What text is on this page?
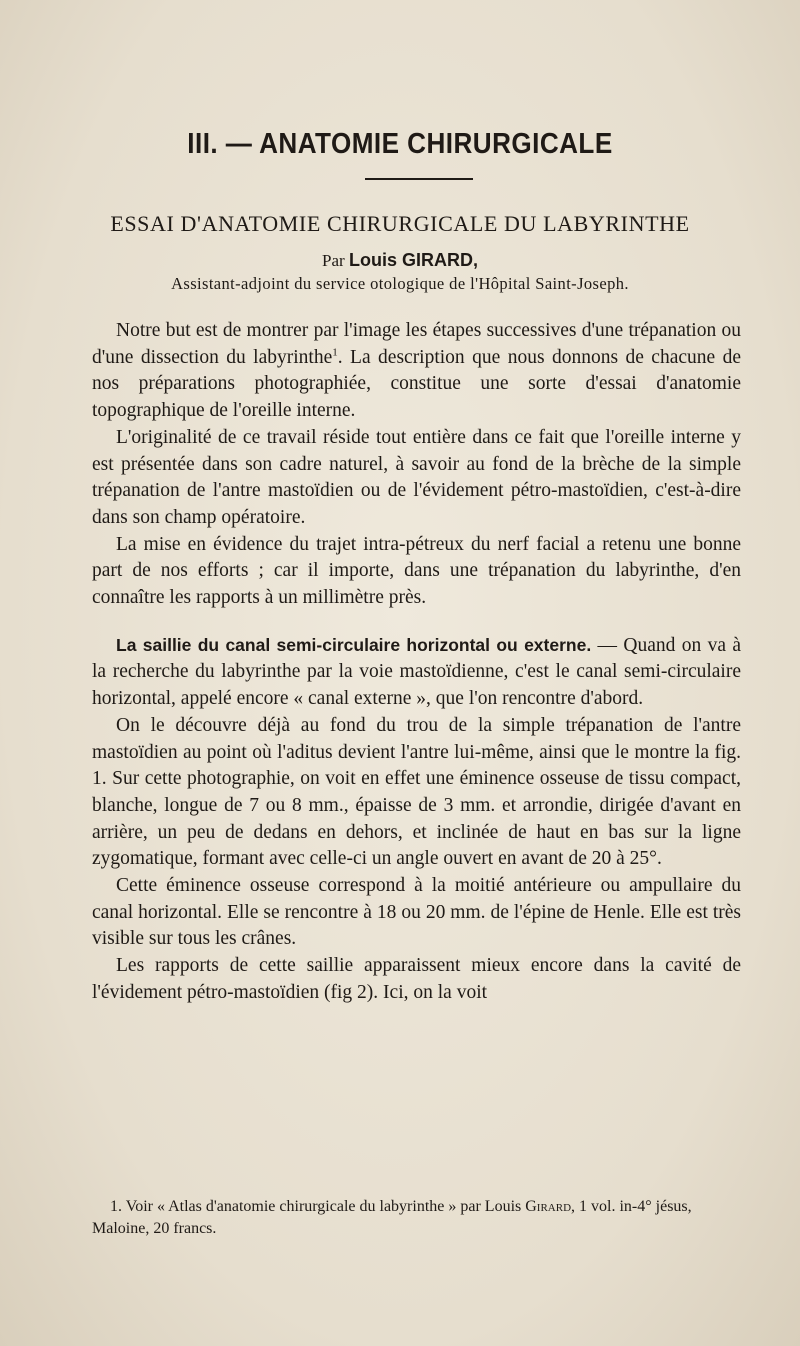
III. — ANATOMIE CHIRURGICALE
ESSAI D'ANATOMIE CHIRURGICALE DU LABYRINTHE
Par Louis GIRARD,
Assistant-adjoint du service otologique de l'Hôpital Saint-Joseph.

Notre but est de montrer par l'image les étapes successives d'une trépanation ou d'une dissection du labyrinthe$^1$. La description que nous donnons de chacune de nos préparations photographiée, constitue une sorte d'essai d'anatomie topographique de l'oreille interne.

L'originalité de ce travail réside tout entière dans ce fait que l'oreille interne y est présentée dans son cadre naturel, à savoir au fond de la brèche de la simple trépanation de l'antre mastoïdien ou de l'évidement pétro-mastoïdien, c'est-à-dire dans son champ opératoire.

La mise en évidence du trajet intra-pétreux du nerf facial a retenu une bonne part de nos efforts ; car il importe, dans une trépanation du labyrinthe, d'en connaître les rapports à un millimètre près.

La saillie du canal semi-circulaire horizontal ou externe. — Quand on va à la recherche du labyrinthe par la voie mastoïdienne, c'est le canal semi-circulaire horizontal, appelé encore « canal externe », que l'on rencontre d'abord.

On le découvre déjà au fond du trou de la simple trépanation de l'antre mastoïdien au point où l'aditus devient l'antre lui-même, ainsi que le montre la fig. 1. Sur cette photographie, on voit en effet une éminence osseuse de tissu compact, blanche, longue de 7 ou 8 mm., épaisse de 3 mm. et arrondie, dirigée d'avant en arrière, un peu de dedans en dehors, et inclinée de haut en bas sur la ligne zygomatique, formant avec celle-ci un angle ouvert en avant de 20 à 25°.

Cette éminence osseuse correspond à la moitié antérieure ou ampullaire du canal horizontal. Elle se rencontre à 18 ou 20 mm. de l'épine de Henle. Elle est très visible sur tous les crânes.

Les rapports de cette saillie apparaissent mieux encore dans la cavité de l'évidement pétro-mastoïdien (fig 2). Ici, on la voit

1. Voir « Atlas d'anatomie chirurgicale du labyrinthe » par Louis Girard, 1 vol. in-4° jésus, Maloine, 20 francs.
